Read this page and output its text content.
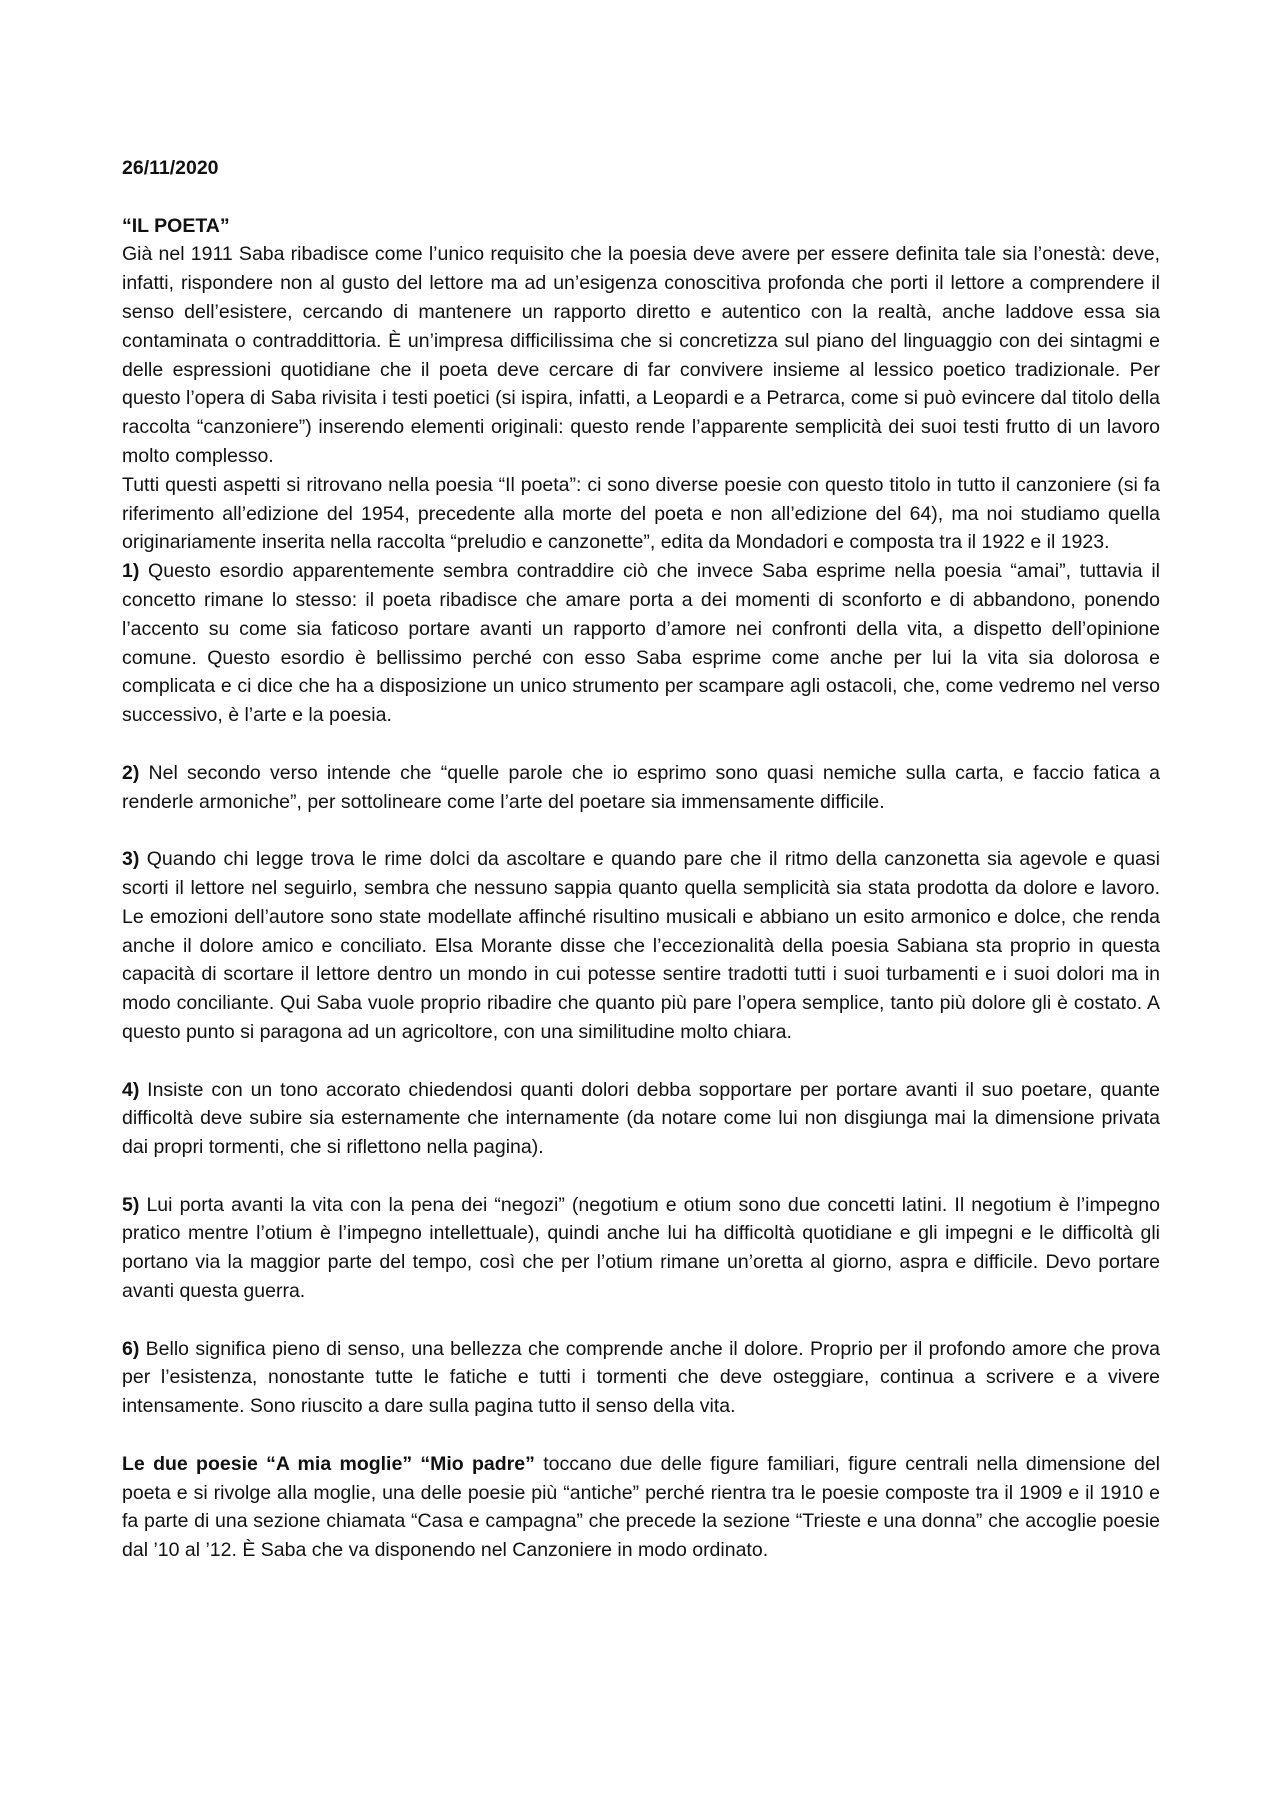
26/11/2020

“IL POETA”

Già nel 1911 Saba ribadisce come l’unico requisito che la poesia deve avere per essere definita tale sia l’onestà: deve, infatti, rispondere non al gusto del lettore ma ad un’esigenza conoscitiva profonda che porti il lettore a comprendere il senso dell’esistere, cercando di mantenere un rapporto diretto e autentico con la realtà, anche laddove essa sia contaminata o contraddittoria. È un’impresa difficilissima che si concretizza sul piano del linguaggio con dei sintagmi e delle espressioni quotidiane che il poeta deve cercare di far convivere insieme al lessico poetico tradizionale. Per questo l’opera di Saba rivisita i testi poetici (si ispira, infatti, a Leopardi e a Petrarca, come si può evincere dal titolo della raccolta “canzoniere”) inserendo elementi originali: questo rende l’apparente semplicità dei suoi testi frutto di un lavoro molto complesso.

Tutti questi aspetti si ritrovano nella poesia “Il poeta”: ci sono diverse poesie con questo titolo in tutto il canzoniere (si fa riferimento all’edizione del 1954, precedente alla morte del poeta e non all’edizione del 64), ma noi studiamo quella originariamente inserita nella raccolta “preludio e canzonette”, edita da Mondadori e composta tra il 1922 e il 1923.

1) Questo esordio apparentemente sembra contraddire ciò che invece Saba esprime nella poesia “amai”, tuttavia il concetto rimane lo stesso: il poeta ribadisce che amare porta a dei momenti di sconforto e di abbandono, ponendo l’accento su come sia faticoso portare avanti un rapporto d’amore nei confronti della vita, a dispetto dell’opinione comune. Questo esordio è bellissimo perché con esso Saba esprime come anche per lui la vita sia dolorosa e complicata e ci dice che ha a disposizione un unico strumento per scampare agli ostacoli, che, come vedremo nel verso successivo, è l’arte e la poesia.

2) Nel secondo verso intende che “quelle parole che io esprimo sono quasi nemiche sulla carta, e faccio fatica a renderle armoniche”, per sottolineare come l’arte del poetare sia immensamente difficile.

3) Quando chi legge trova le rime dolci da ascoltare e quando pare che il ritmo della canzonetta sia agevole e quasi scorti il lettore nel seguirlo, sembra che nessuno sappia quanto quella semplicità sia stata prodotta da dolore e lavoro. Le emozioni dell’autore sono state modellate affinché risultino musicali e abbiano un esito armonico e dolce, che renda anche il dolore amico e conciliato. Elsa Morante disse che l’eccezionalità della poesia Sabiana sta proprio in questa capacità di scortare il lettore dentro un mondo in cui potesse sentire tradotti tutti i suoi turbamenti e i suoi dolori ma in modo conciliante. Qui Saba vuole proprio ribadire che quanto più pare l’opera semplice, tanto più dolore gli è costato. A questo punto si paragona ad un agricoltore, con una similitudine molto chiara.

4) Insiste con un tono accorato chiedendosi quanti dolori debba sopportare per portare avanti il suo poetare, quante difficoltà deve subire sia esternamente che internamente (da notare come lui non disgiunga mai la dimensione privata dai propri tormenti, che si riflettono nella pagina).

5) Lui porta avanti la vita con la pena dei “negozi” (negotium e otium sono due concetti latini. Il negotium è l’impegno pratico mentre l’otium è l’impegno intellettuale), quindi anche lui ha difficoltà quotidiane e gli impegni e le difficoltà gli portano via la maggior parte del tempo, così che per l’otium rimane un’oretta al giorno, aspra e difficile. Devo portare avanti questa guerra.

6) Bello significa pieno di senso, una bellezza che comprende anche il dolore. Proprio per il profondo amore che prova per l’esistenza, nonostante tutte le fatiche e tutti i tormenti che deve osteggiare, continua a scrivere e a vivere intensamente. Sono riuscito a dare sulla pagina tutto il senso della vita.

Le due poesie “A mia moglie” “Mio padre” toccano due delle figure familiari, figure centrali nella dimensione del poeta e si rivolge alla moglie, una delle poesie più “antiche” perché rientra tra le poesie composte tra il 1909 e il 1910 e fa parte di una sezione chiamata “Casa e campagna” che precede la sezione “Trieste e una donna” che accoglie poesie dal ’10 al ’12. È Saba che va disponendo nel Canzoniere in modo ordinato.
